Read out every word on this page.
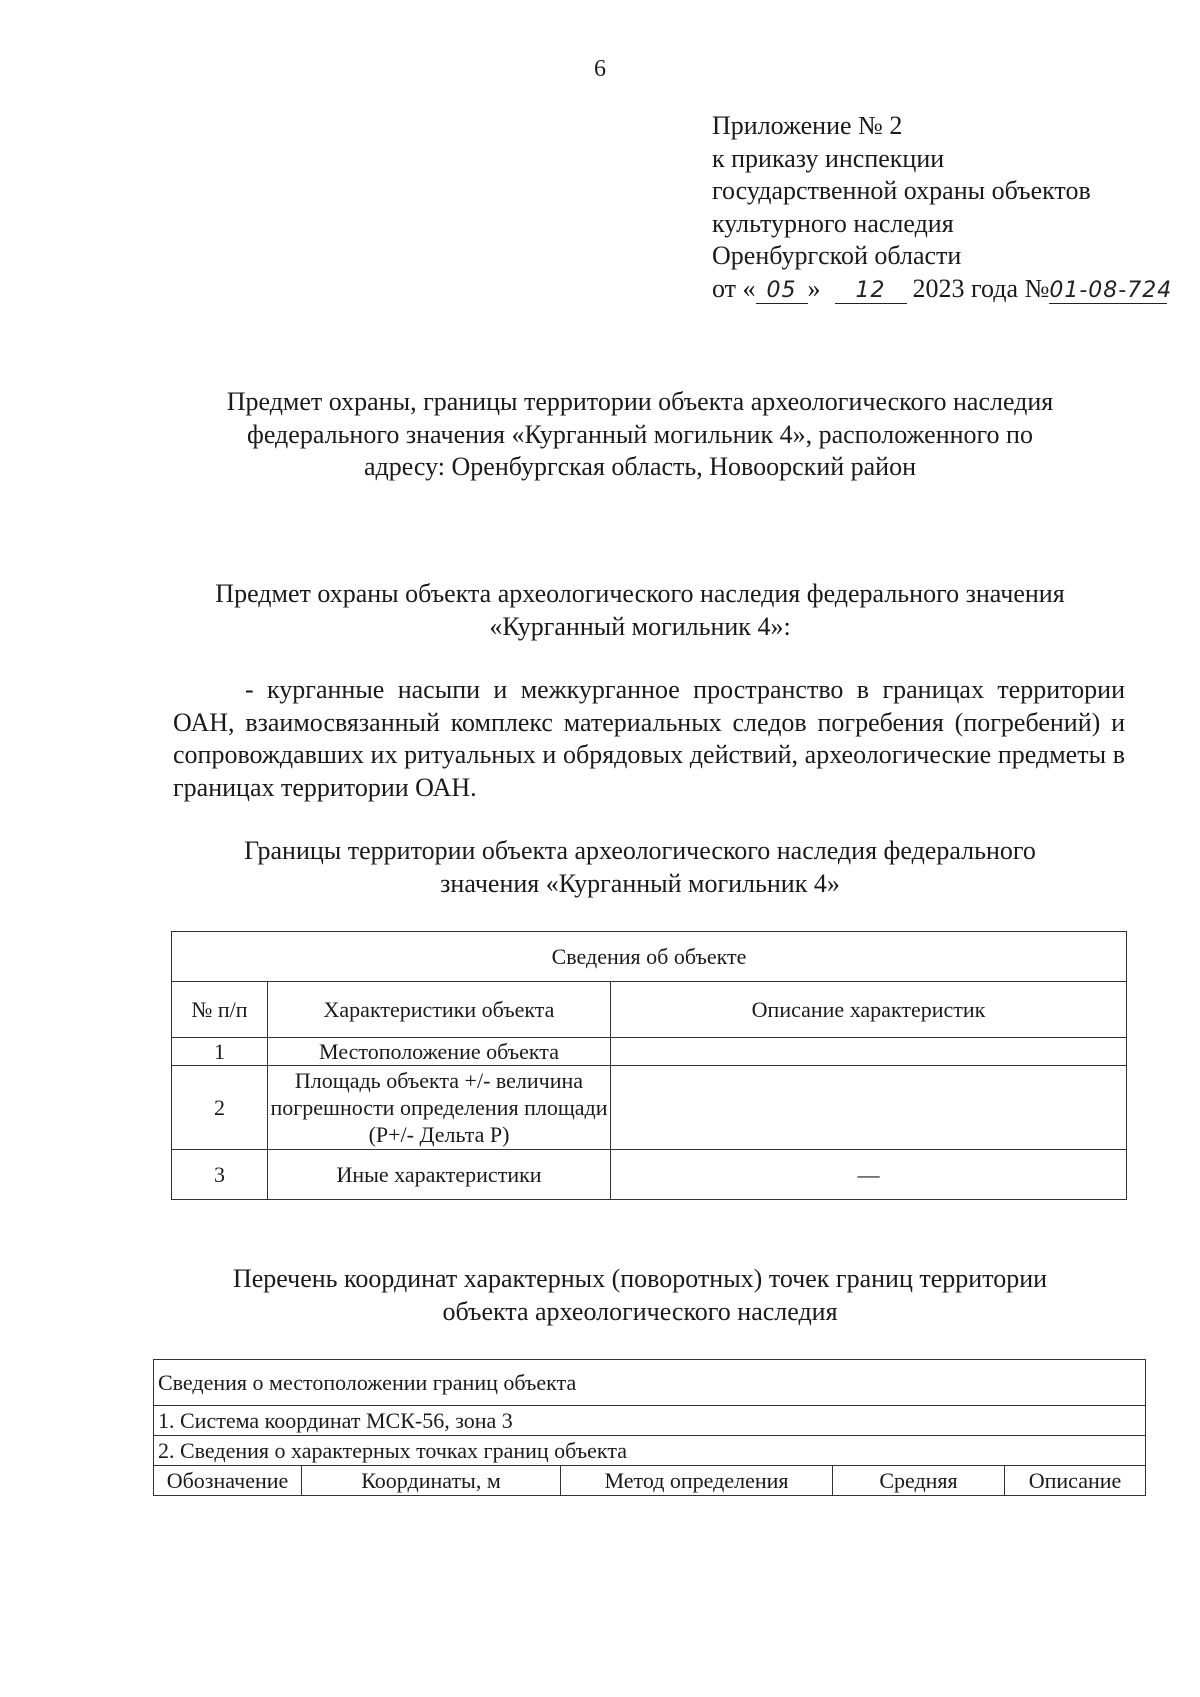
6
Приложение № 2
к приказу инспекции
государственной охраны объектов
культурного наследия
Оренбургской области
от « 05 » 12 2023 года №01-08-724
Предмет охраны, границы территории объекта археологического наследия
федерального значения «Курганный могильник 4», расположенного по
адресу: Оренбургская область, Новоорский район
Предмет охраны объекта археологического наследия федерального значения
«Курганный могильник 4»:
- курганные насыпи и межкурганное пространство в границах территории ОАН, взаимосвязанный комплекс материальных следов погребения (погребений) и сопровождавших их ритуальных и обрядовых действий, археологические предметы в границах территории ОАН.
Границы территории объекта археологического наследия федерального
значения «Курганный могильник 4»
Сведения об объекте		
№ п/п	Характеристики объекта	Описание характеристик
1	Местоположение объекта	
2	Площадь объекта +/- величина погрешности определения площади (P+/- Дельта P)	
3	Иные характеристики	—
Перечень координат характерных (поворотных) точек границ территории
объекта археологического наследия
Сведения о местоположении границ объекта
1. Система координат МСК-56, зона 3
2. Сведения о характерных точках границ объекта
Обозначение	Координаты, м	Метод определения	Средняя	Описание
